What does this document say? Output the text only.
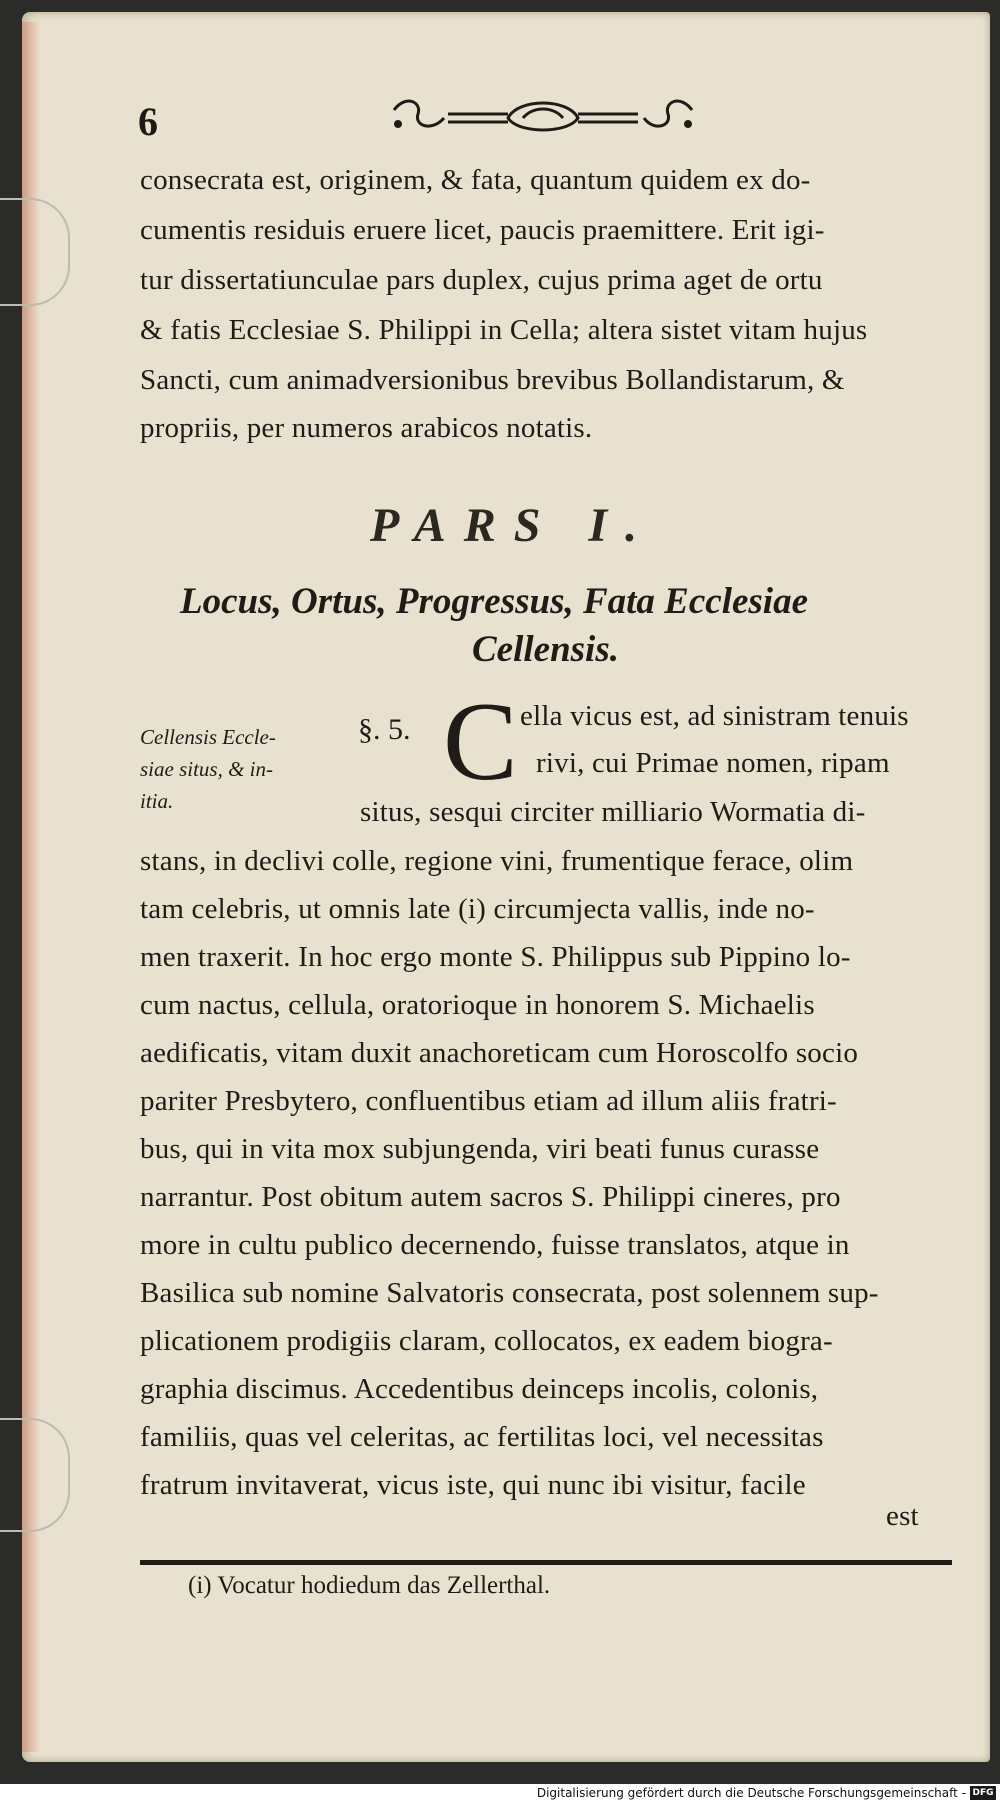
6
consecrata est, originem, & fata, quantum quidem ex do-
cumentis residuis eruere licet, paucis praemittere. Erit igi-
tur dissertatiunculae pars duplex, cujus prima aget de ortu
& fatis Ecclesiae S. Philippi in Cella; altera sistet vitam hujus
Sancti, cum animadversionibus brevibus Bollandistarum, &
propriis, per numeros arabicos notatis.
PARS I.
Locus, Ortus, Progressus, Fata Ecclesiae
Cellensis.
Cellensis Eccle-
siae situs, & in-
itia.
§. 5. C ella vicus est, ad sinistram tenuis
rivi, cui Primae nomen, ripam
situs, sesqui circiter milliario Wormatia di-
stans, in declivi colle, regione vini, frumentique ferace, olim
tam celebris, ut omnis late (i) circumjecta vallis, inde no-
men traxerit. In hoc ergo monte S. Philippus sub Pippino lo-
cum nactus, cellula, oratorioque in honorem S. Michaelis
aedificatis, vitam duxit anachoreticam cum Horoscolfo socio
pariter Presbytero, confluentibus etiam ad illum aliis fratri-
bus, qui in vita mox subjungenda, viri beati funus curasse
narrantur. Post obitum autem sacros S. Philippi cineres, pro
more in cultu publico decernendo, fuisse translatos, atque in
Basilica sub nomine Salvatoris consecrata, post solennem sup-
plicationem prodigiis claram, collocatos, ex eadem biogra-
graphia discimus. Accedentibus deinceps incolis, colonis,
familiis, quas vel celeritas, ac fertilitas loci, vel necessitas
fratrum invitaverat, vicus iste, qui nunc ibi visitur, facile
est
(i) Vocatur hodiedum das Zellerthal.
Digitalisierung gefördert durch die Deutsche Forschungsgemeinschaft - DFG
